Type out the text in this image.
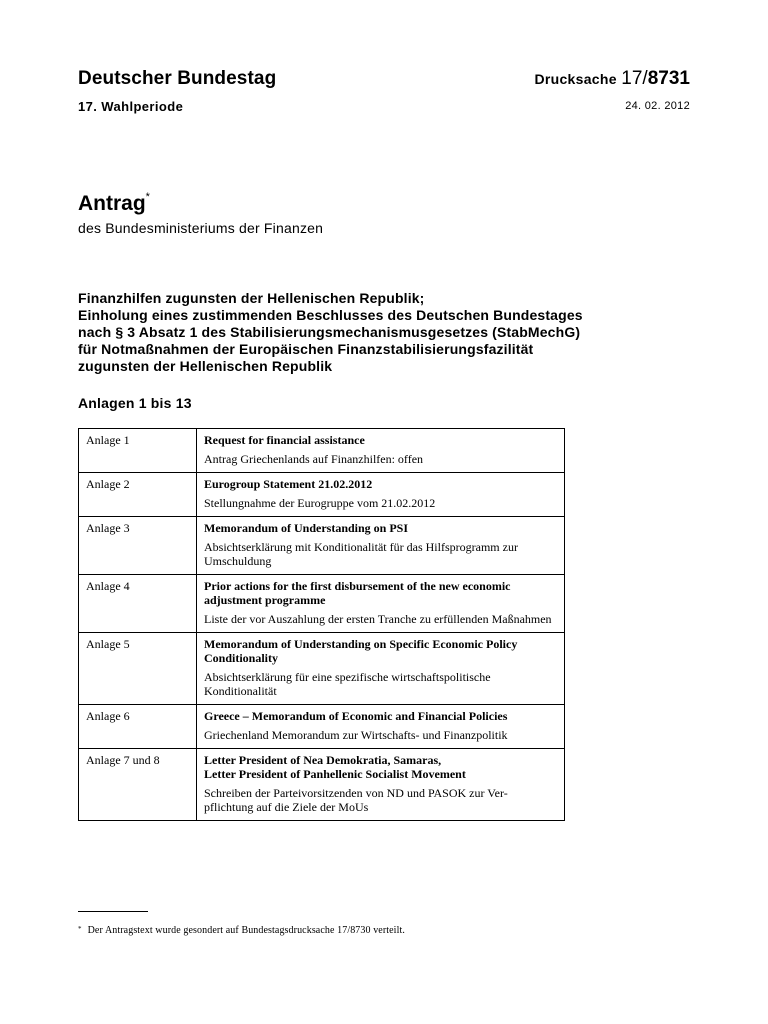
Deutscher Bundestag
17. Wahlperiode
Drucksache 17/8731
24. 02. 2012
Antrag*
des Bundesministeriums der Finanzen
Finanzhilfen zugunsten der Hellenischen Republik;
Einholung eines zustimmenden Beschlusses des Deutschen Bundestages
nach § 3 Absatz 1 des Stabilisierungsmechanismusgesetzes (StabMechG)
für Notmaßnahmen der Europäischen Finanzstabilisierungsfazilität
zugunsten der Hellenischen Republik
Anlagen 1 bis 13
Anlage 1	Request for financial assistance
Antrag Griechenlands auf Finanzhilfen: offen

Anlage 2	Eurogroup Statement 21.02.2012
Stellungnahme der Eurogruppe vom 21.02.2012

Anlage 3	Memorandum of Understanding on PSI
Absichtserklärung mit Konditionalität für das Hilfsprogramm zur Umschuldung

Anlage 4	Prior actions for the first disbursement of the new economic adjustment programme
Liste der vor Auszahlung der ersten Tranche zu erfüllenden Maßnahmen

Anlage 5	Memorandum of Understanding on Specific Economic Policy Conditionality
Absichtserklärung für eine spezifische wirtschaftspolitische Konditionalität

Anlage 6	Greece – Memorandum of Economic and Financial Policies
Griechenland Memorandum zur Wirtschafts- und Finanzpolitik

Anlage 7 und 8	Letter President of Nea Demokratia, Samaras,
Letter President of Panhellenic Socialist Movement
Schreiben der Parteivorsitzenden von ND und PASOK zur Ver-
pflichtung auf die Ziele der MoUs
* Der Antragstext wurde gesondert auf Bundestagsdrucksache 17/8730 verteilt.
